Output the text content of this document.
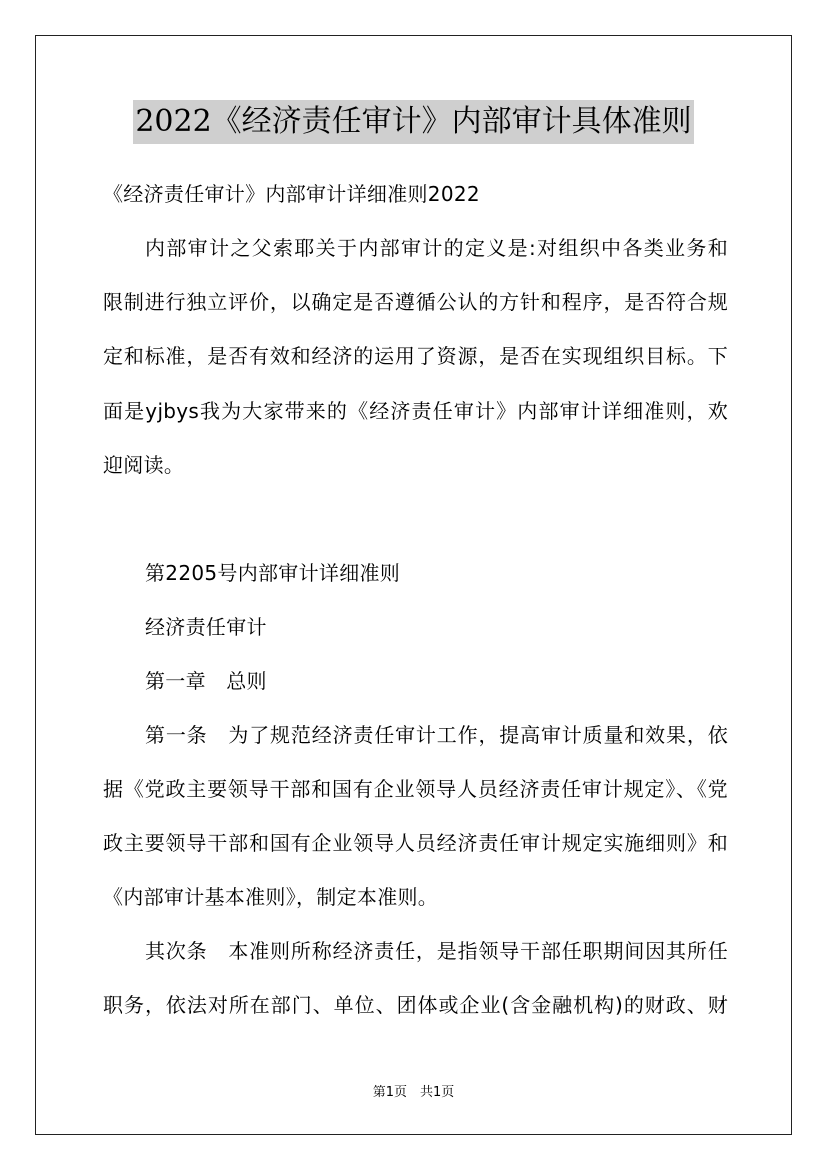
2022《经济责任审计》内部审计具体准则
《经济责任审计》内部审计详细准则2022
内部审计之父索耶关于内部审计的定义是:对组织中各类业务和
限制进行独立评价，以确定是否遵循公认的方针和程序，是否符合规
定和标准，是否有效和经济的运用了资源，是否在实现组织目标。下
面是yjbys我为大家带来的《经济责任审计》内部审计详细准则，欢
迎阅读。
第2205号内部审计详细准则
经济责任审计
第一章　总则
第一条　为了规范经济责任审计工作，提高审计质量和效果，依
据《党政主要领导干部和国有企业领导人员经济责任审计规定》、《党
政主要领导干部和国有企业领导人员经济责任审计规定实施细则》和
《内部审计基本准则》，制定本准则。
其次条　本准则所称经济责任，是指领导干部任职期间因其所任
职务，依法对所在部门、单位、团体或企业(含金融机构)的财政、财
第1页　共1页
